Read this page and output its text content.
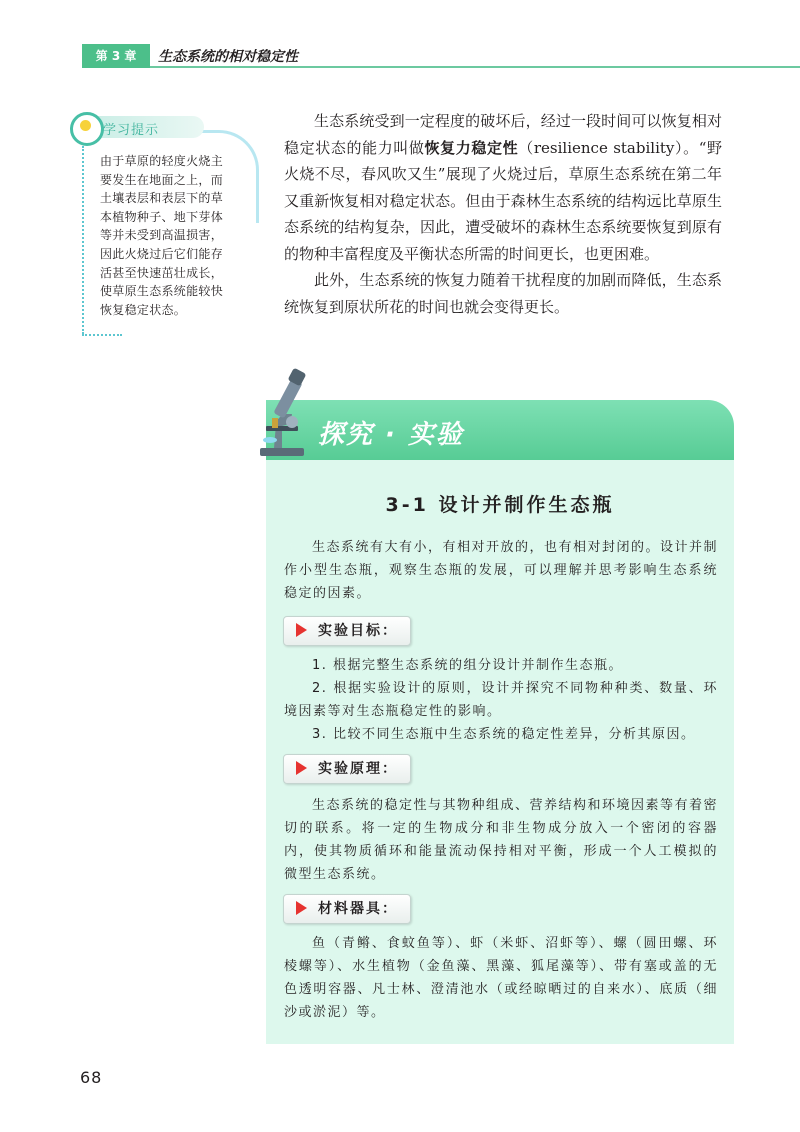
第 3 章	生态系统的相对稳定性
学习提示
由于草原的轻度火烧主要发生在地面之上，而土壤表层和表层下的草本植物种子、地下芽体等并未受到高温损害，因此火烧过后它们能存活甚至快速茁壮成长，使草原生态系统能较快恢复稳定状态。

生态系统受到一定程度的破坏后，经过一段时间可以恢复相对稳定状态的能力叫做恢复力稳定性（resilience stability）。“野火烧不尽，春风吹又生”展现了火烧过后，草原生态系统在第二年又重新恢复相对稳定状态。但由于森林生态系统的结构远比草原生态系统的结构复杂，因此，遭受破坏的森林生态系统要恢复到原有的物种丰富程度及平衡状态所需的时间更长，也更困难。

此外，生态系统的恢复力随着干扰程度的加剧而降低，生态系统恢复到原状所花的时间也就会变得更长。

探究 · 实验
3-1 设计并制作生态瓶

生态系统有大有小，有相对开放的，也有相对封闭的。设计并制作小型生态瓶，观察生态瓶的发展，可以理解并思考影响生态系统稳定的因素。

实验目标：

1. 根据完整生态系统的组分设计并制作生态瓶。

2. 根据实验设计的原则，设计并探究不同物种种类、数量、环境因素等对生态瓶稳定性的影响。

3. 比较不同生态瓶中生态系统的稳定性差异，分析其原因。

实验原理：

生态系统的稳定性与其物种组成、营养结构和环境因素等有着密切的联系。将一定的生物成分和非生物成分放入一个密闭的容器内，使其物质循环和能量流动保持相对平衡，形成一个人工模拟的微型生态系统。

材料器具：

鱼（青鳉、食蚊鱼等）、虾（米虾、沼虾等）、螺（圆田螺、环棱螺等）、水生植物（金鱼藻、黑藻、狐尾藻等）、带有塞或盖的无色透明容器、凡士林、澄清池水（或经晾晒过的自来水）、底质（细沙或淤泥）等。

68
